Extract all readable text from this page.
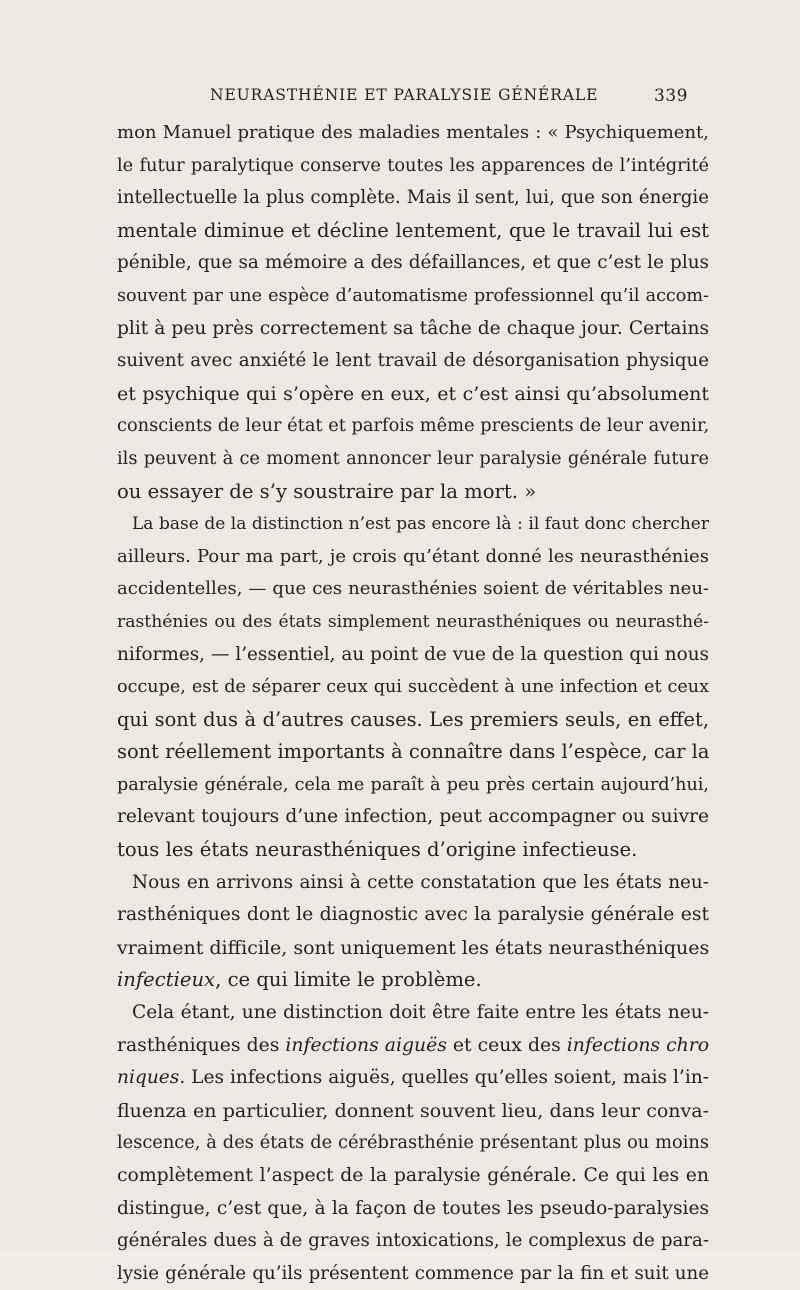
NEURASTHÉNIE ET PARALYSIE GÉNÉRALE	339
mon Manuel pratique des maladies mentales : « Psychiquement,
le futur paralytique conserve toutes les apparences de l’intégrité
intellectuelle la plus complète. Mais il sent, lui, que son énergie
mentale diminue et décline lentement, que le travail lui est
pénible, que sa mémoire a des défaillances, et que c’est le plus
souvent par une espèce d’automatisme professionnel qu’il accom-
plit à peu près correctement sa tâche de chaque jour. Certains
suivent avec anxiété le lent travail de désorganisation physique
et psychique qui s’opère en eux, et c’est ainsi qu’absolument
conscients de leur état et parfois même prescients de leur avenir,
ils peuvent à ce moment annoncer leur paralysie générale future
ou essayer de s’y soustraire par la mort. »
La base de la distinction n’est pas encore là : il faut donc chercher
ailleurs. Pour ma part, je crois qu’étant donné les neurasthénies
accidentelles, — que ces neurasthénies soient de véritables neu-
rasthénies ou des états simplement neurasthéniques ou neurasthé-
niformes, — l’essentiel, au point de vue de la question qui nous
occupe, est de séparer ceux qui succèdent à une infection et ceux
qui sont dus à d’autres causes. Les premiers seuls, en effet,
sont réellement importants à connaître dans l’espèce, car la
paralysie générale, cela me paraît à peu près certain aujourd’hui,
relevant toujours d’une infection, peut accompagner ou suivre
tous les états neurasthéniques d’origine infectieuse.
Nous en arrivons ainsi à cette constatation que les états neu-
rasthéniques dont le diagnostic avec la paralysie générale est
vraiment difficile, sont uniquement les états neurasthéniques
infectieux, ce qui limite le problème.
Cela étant, une distinction doit être faite entre les états neu-
rasthéniques des infections aiguës et ceux des infections chro
niques. Les infections aiguës, quelles qu’elles soient, mais l’in-
fluenza en particulier, donnent souvent lieu, dans leur conva-
lescence, à des états de cérébrasthénie présentant plus ou moins
complètement l’aspect de la paralysie générale. Ce qui les en
distingue, c’est que, à la façon de toutes les pseudo-paralysies
générales dues à de graves intoxications, le complexus de para-
lysie générale qu’ils présentent commence par la fin et suit une
